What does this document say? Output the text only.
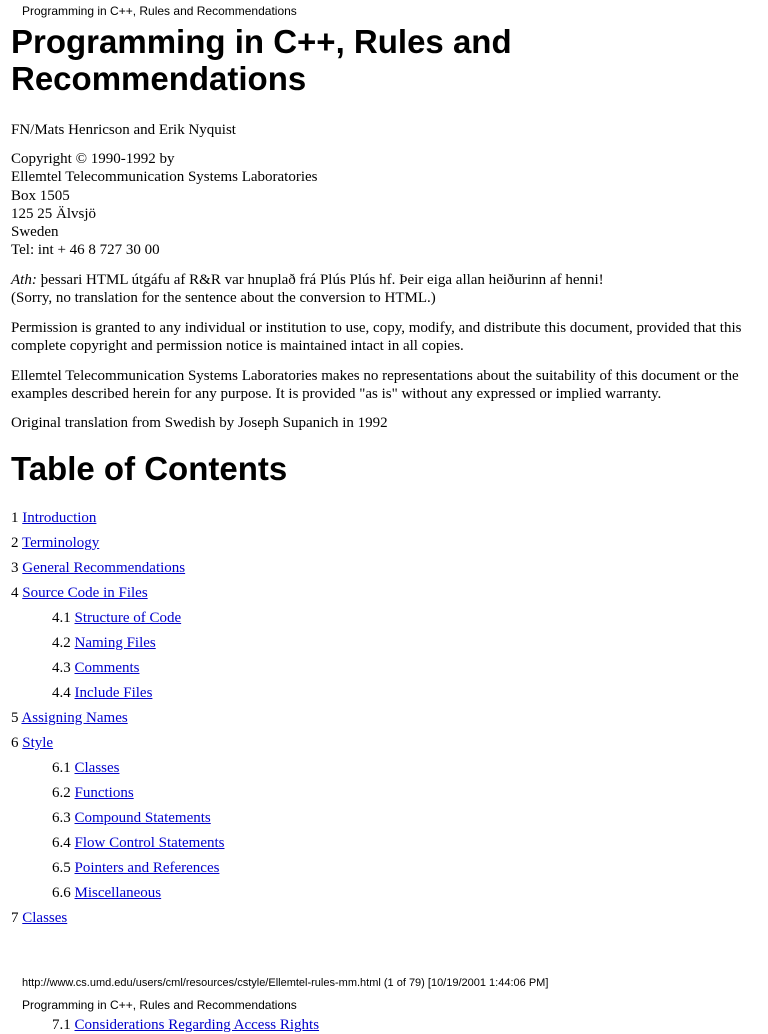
Programming in C++, Rules and Recommendations
Programming in C++, Rules and
Recommendations

FN/Mats Henricson and Erik Nyquist

Copyright © 1990-1992 by
Ellemtel Telecommunication Systems Laboratories
Box 1505
125 25 Älvsjö
Sweden
Tel: int + 46 8 727 30 00

Ath: þessari HTML útgáfu af R&R var hnuplað frá Plús Plús hf. Þeir eiga allan heiðurinn af henni!
(Sorry, no translation for the sentence about the conversion to HTML.)

Permission is granted to any individual or institution to use, copy, modify, and distribute this document, provided that this complete copyright and permission notice is maintained intact in all copies.

Ellemtel Telecommunication Systems Laboratories makes no representations about the suitability of this document or the examples described herein for any purpose. It is provided "as is" without any expressed or implied warranty.

Original translation from Swedish by Joseph Supanich in 1992

Table of Contents
1 Introduction
2 Terminology
3 General Recommendations
4 Source Code in Files
4.1 Structure of Code
4.2 Naming Files
4.3 Comments
4.4 Include Files
5 Assigning Names
6 Style
6.1 Classes
6.2 Functions
6.3 Compound Statements
6.4 Flow Control Statements
6.5 Pointers and References
6.6 Miscellaneous
7 Classes
http://www.cs.umd.edu/users/cml/resources/cstyle/Ellemtel-rules-mm.html (1 of 79) [10/19/2001 1:44:06 PM]
Programming in C++, Rules and Recommendations
7.1 Considerations Regarding Access Rights
